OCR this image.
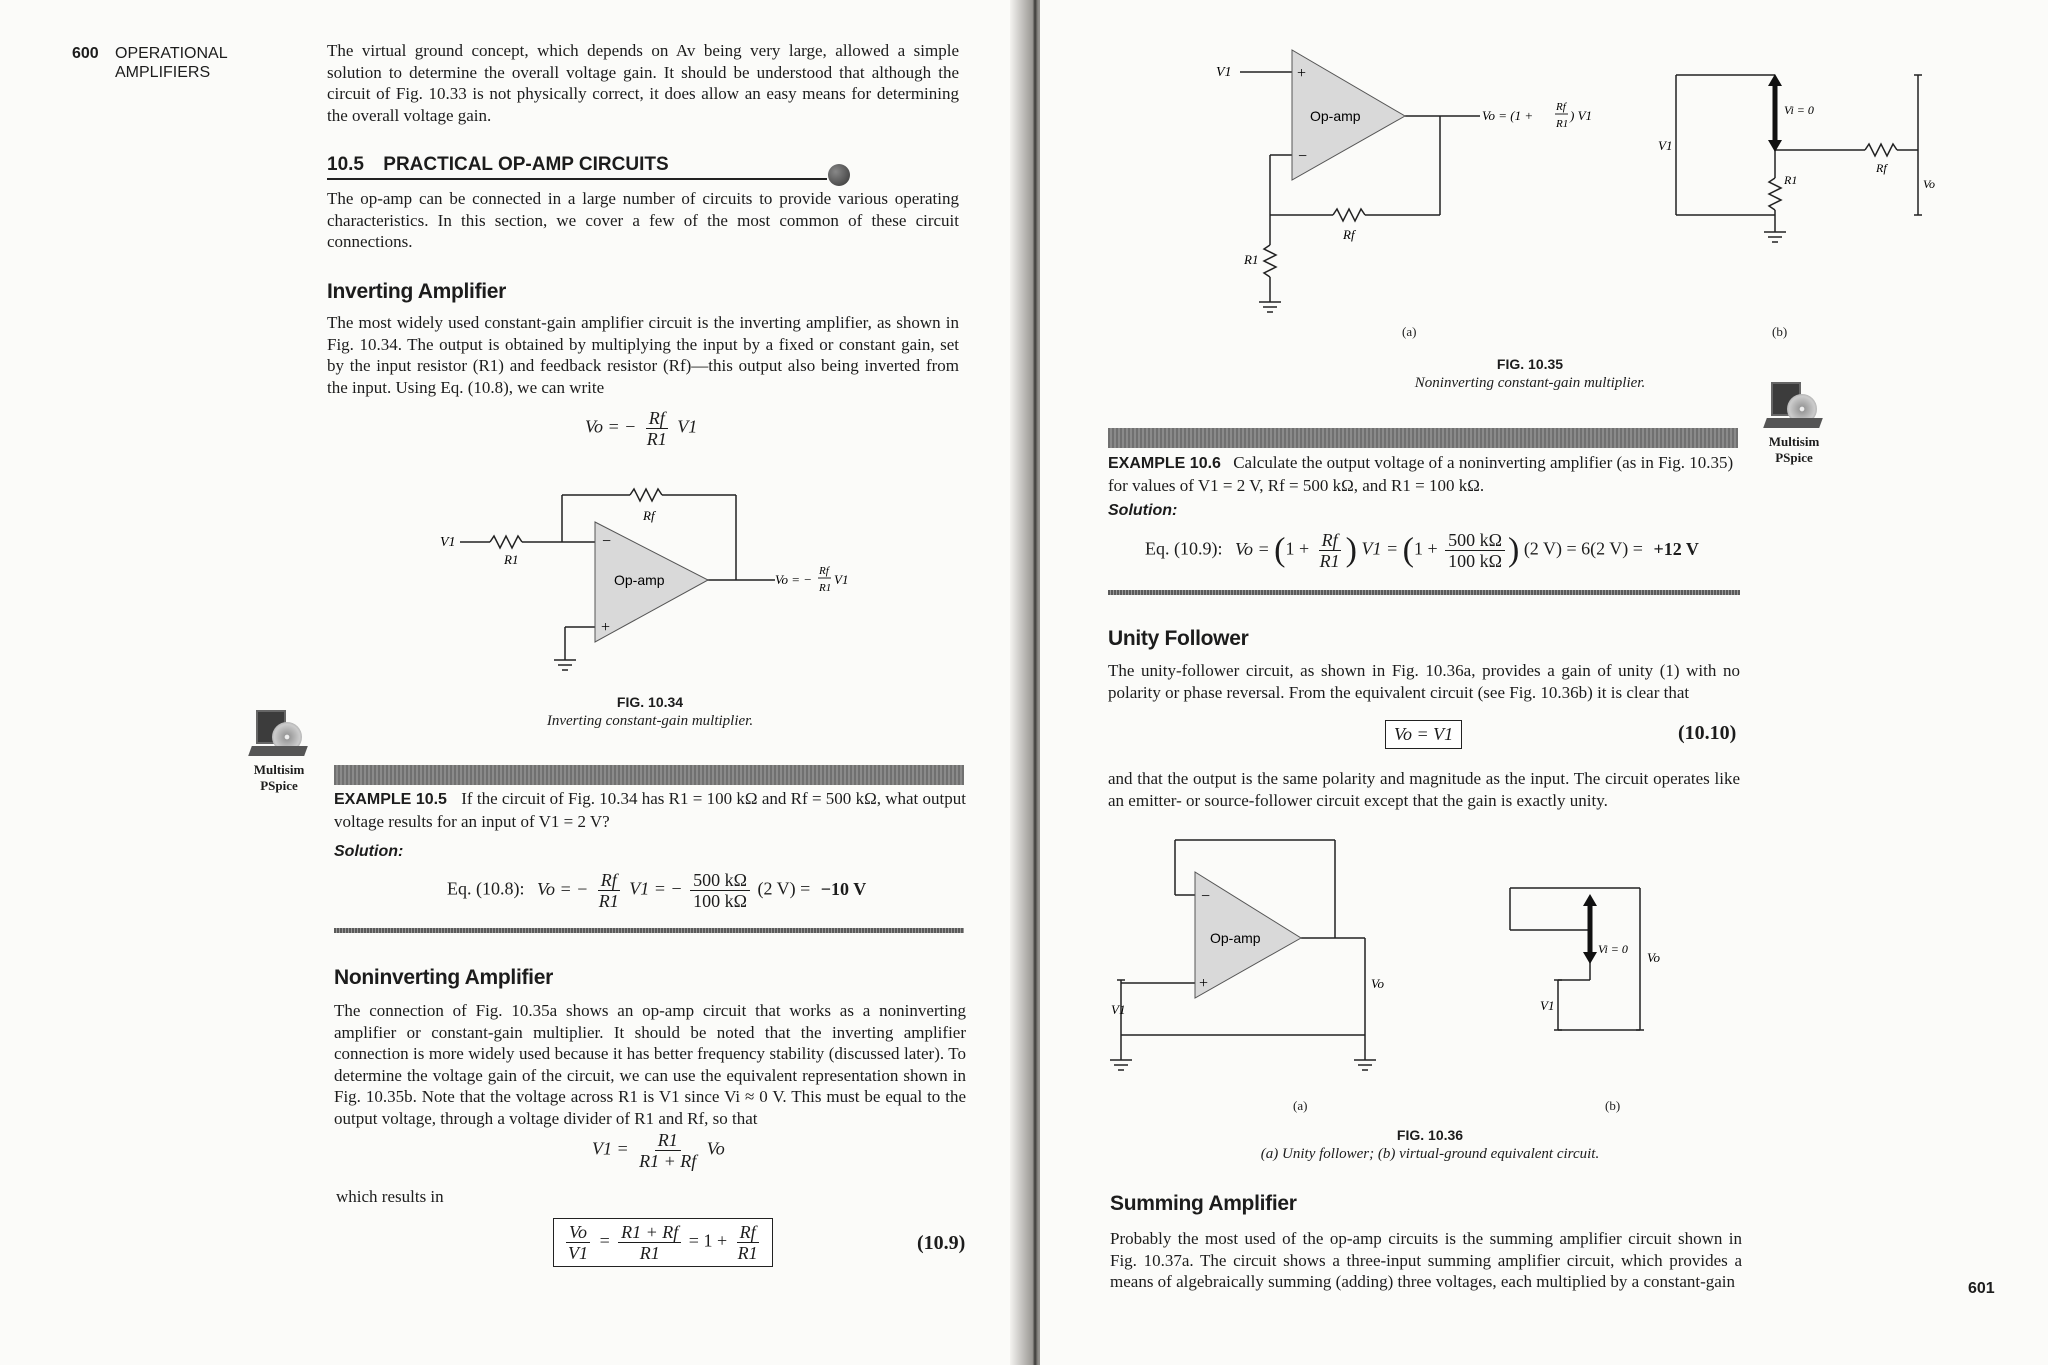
600 OPERATIONAL
AMPLIFIERS

The virtual ground concept, which depends on Av being very large, allowed a simple solution to determine the overall voltage gain. It should be understood that although the circuit of Fig. 10.33 is not physically correct, it does allow an easy means for determining the overall voltage gain.

10.5 PRACTICAL OP-AMP CIRCUITS

The op-amp can be connected in a large number of circuits to provide various operating characteristics. In this section, we cover a few of the most common of these circuit connections.

Inverting Amplifier

The most widely used constant-gain amplifier circuit is the inverting amplifier, as shown in Fig. 10.34. The output is obtained by multiplying the input by a fixed or constant gain, set by the input resistor (R1) and feedback resistor (Rf)—this output also being inverted from the input. Using Eq. (10.8), we can write

Vo = − $\frac{Rf}{R1} V1$
V1
R1
Rf
−
+
Op-amp	Vo = −
Rf
R1
V1
FIG. 10.34
Inverting constant-gain multiplier.
Multisim
PSpice
EXAMPLE 10.5 If the circuit of Fig. 10.34 has R1 = 100 kΩ and Rf = 500 kΩ, what output voltage results for an input of V1 = 2 V?
Solution:
Eq. (10.8): Vo = − $\frac{Rf}{R1} V1$ = − $\frac{500 k\Omega}{100 k\Omega} (2$ V) = −10 V
Noninverting Amplifier

The connection of Fig. 10.35a shows an op-amp circuit that works as a noninverting amplifier or constant-gain multiplier. It should be noted that the inverting amplifier connection is more widely used because it has better frequency stability (discussed later). To determine the voltage gain of the circuit, we can use the equivalent representation shown in Fig. 10.35b. Note that the voltage across R1 is V1 since Vi ≈ 0 V. This must be equal to the output voltage, through a voltage divider of R1 and Rf, so that

$V1 = \frac{R1}{R1 + Rf}$ Vo
which results in
$\frac{Vo}{V1} = \frac{R1 + Rf}{R1} = 1 + \frac{Rf}{R1}$	(10.9)
V1	+
−
Op-amp
Rf
R1
Vo = (1 +
Rf
R1
) V1
V1
Vi = 0
R1
Rf
Vo
(a)	(b)
FIG. 10.35
Noninverting constant-gain multiplier.
Multisim
PSpice
EXAMPLE 10.6 Calculate the output voltage of a noninverting amplifier (as in Fig. 10.35)
for values of V1 = 2 V, Rf = 500 kΩ, and R1 = 100 kΩ.
Solution:
Eq. (10.9): $Vo = (1 + \frac{Rf}{R1}$ ) $V1 = (1 + \frac{500 k\Omega}{100 k\Omega}$ ) (2 V) = 6(2 V) = +12 V
Unity Follower

The unity-follower circuit, as shown in Fig. 10.36a, provides a gain of unity (1) with no polarity or phase reversal. From the equivalent circuit (see Fig. 10.36b) it is clear that

Vo = V1	(10.10)

and that the output is the same polarity and magnitude as the input. The circuit operates like an emitter- or source-follower circuit except that the gain is exactly unity.

−
+
Op-amp
V1
Vo
Vi = 0
V1
Vo
(a)	(b)
FIG. 10.36
(a) Unity follower; (b) virtual-ground equivalent circuit.
Summing Amplifier

Probably the most used of the op-amp circuits is the summing amplifier circuit shown in Fig. 10.37a. The circuit shows a three-input summing amplifier circuit, which provides a means of algebraically summing (adding) three voltages, each multiplied by a constant-gain	601
